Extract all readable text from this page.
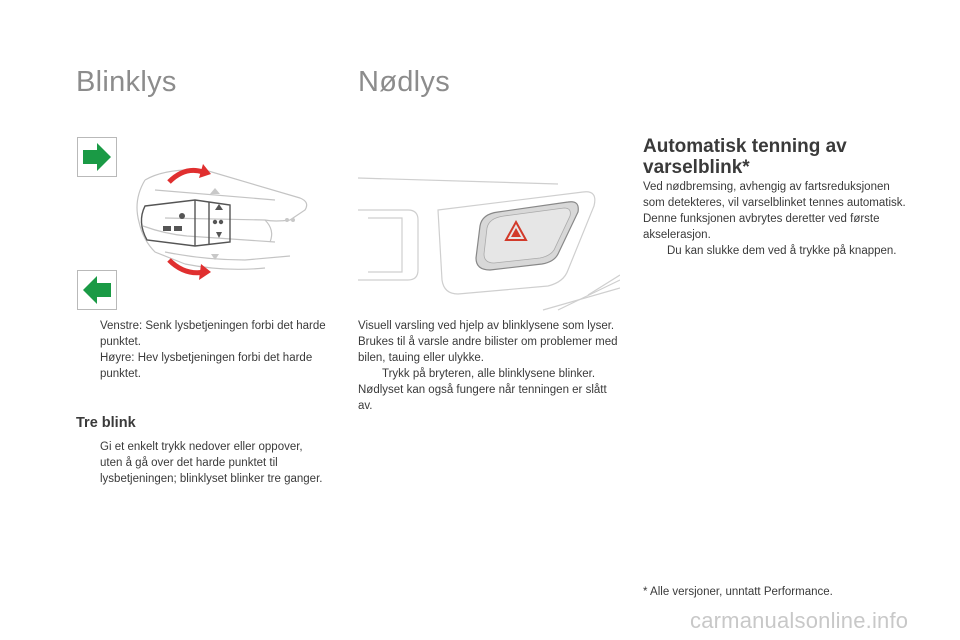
Blinklys
Venstre: Senk lysbetjeningen forbi det harde punktet.
Høyre: Hev lysbetjeningen forbi det harde punktet.
Tre blink
Gi et enkelt trykk nedover eller oppover, uten å gå over det harde punktet til lysbetjeningen; blinklyset blinker tre ganger.
Nødlys

Visuell varsling ved hjelp av blinklysene som lyser. Brukes til å varsle andre bilister om problemer med bilen, tauing eller ulykke.

Trykk på bryteren, alle blinklysene blinker.

Nødlyset kan også fungere når tenningen er slått av.

Automatisk tenning av varselblink*

Ved nødbremsing, avhengig av fartsreduksjonen som detekteres, vil varselblinket tennes automatisk.

Denne funksjonen avbrytes deretter ved første akselerasjon.

Du kan slukke dem ved å trykke på knappen.
* Alle versjoner, unntatt Performance.
carmanualsonline.info
